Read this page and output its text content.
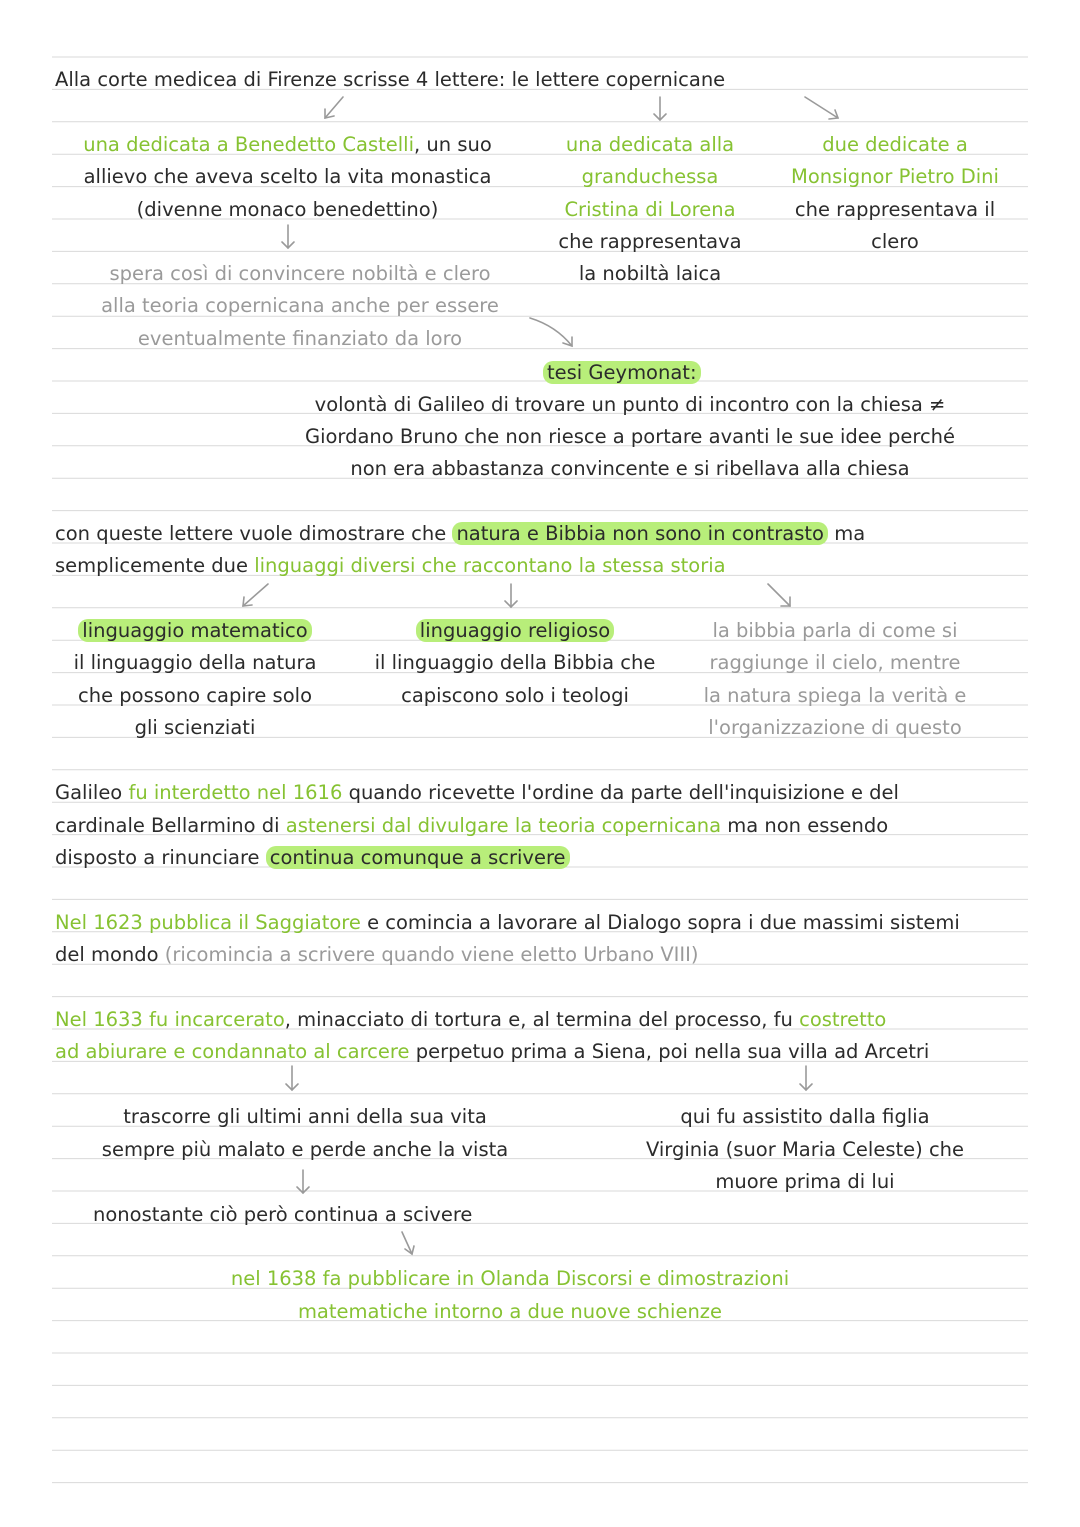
Alla corte medicea di Firenze scrisse 4 lettere: le lettere copernicane
una dedicata a Benedetto Castelli, un suo
allievo che aveva scelto la vita monastica
(divenne monaco benedettino)
una dedicata alla
granduchessa
Cristina di Lorena
che rappresentava
la nobiltà laica
due dedicate a
Monsignor Pietro Dini
che rappresentava il
clero
spera così di convincere nobiltà e clero
alla teoria copernicana anche per essere
eventualmente finanziato da loro
tesi Geymonat:
volontà di Galileo di trovare un punto di incontro con la chiesa ≠
Giordano Bruno che non riesce a portare avanti le sue idee perché
non era abbastanza convincente e si ribellava alla chiesa
con queste lettere vuole dimostrare che natura e Bibbia non sono in contrasto ma
semplicemente due linguaggi diversi che raccontano la stessa storia
linguaggio matematico
il linguaggio della natura
che possono capire solo
gli scienziati
linguaggio religioso
il linguaggio della Bibbia che
capiscono solo i teologi
la bibbia parla di come si
raggiunge il cielo, mentre
la natura spiega la verità e
l'organizzazione di questo
Galileo fu interdetto nel 1616 quando ricevette l'ordine da parte dell'inquisizione e del
cardinale Bellarmino di astenersi dal divulgare la teoria copernicana ma non essendo
disposto a rinunciare continua comunque a scrivere
Nel 1623 pubblica il Saggiatore e comincia a lavorare al Dialogo sopra i due massimi sistemi
del mondo (ricomincia a scrivere quando viene eletto Urbano VIII)
Nel 1633 fu incarcerato, minacciato di tortura e, al termina del processo, fu costretto
ad abiurare e condannato al carcere perpetuo prima a Siena, poi nella sua villa ad Arcetri
trascorre gli ultimi anni della sua vita
sempre più malato e perde anche la vista
qui fu assistito dalla figlia
Virginia (suor Maria Celeste) che
muore prima di lui
nonostante ciò però continua a scivere
nel 1638 fa pubblicare in Olanda Discorsi e dimostrazioni
matematiche intorno a due nuove schienze
